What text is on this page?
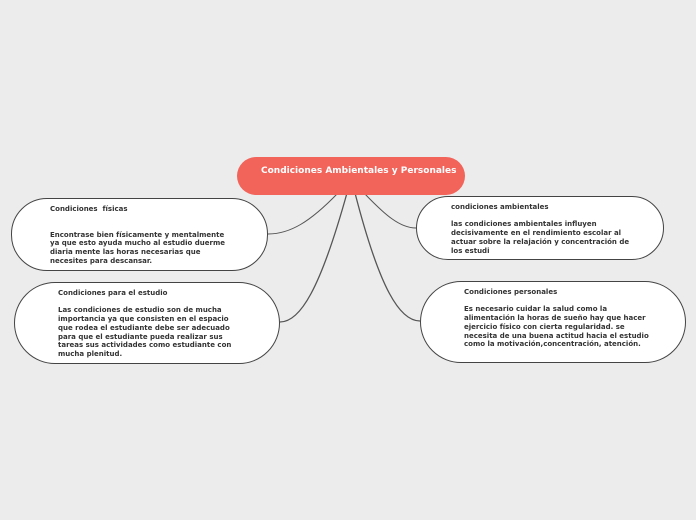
Condiciones Ambientales y Personales
Condiciones  físicas
Encontrase bien físicamente y mentalmente ya que esto ayuda mucho al estudio duerme diaria mente las horas necesarias que necesites para descansar.
Condiciones para el estudio
Las condiciones de estudio son de mucha importancia ya que consisten en el espacio que rodea el estudiante debe ser adecuado para que el estudiante pueda realizar sus tareas sus actividades como estudiante con mucha plenitud.
condiciones ambientales
las condiciones ambientales influyen decisivamente en el rendimiento escolar al actuar sobre la relajación y concentración de los estudi
Condiciones personales
Es necesario cuidar la salud como la alimentación la horas de sueño hay que hacer ejercicio físico con cierta regularidad. se necesita de una buena actitud hacia el estudio como la motivación,concentración, atención.
